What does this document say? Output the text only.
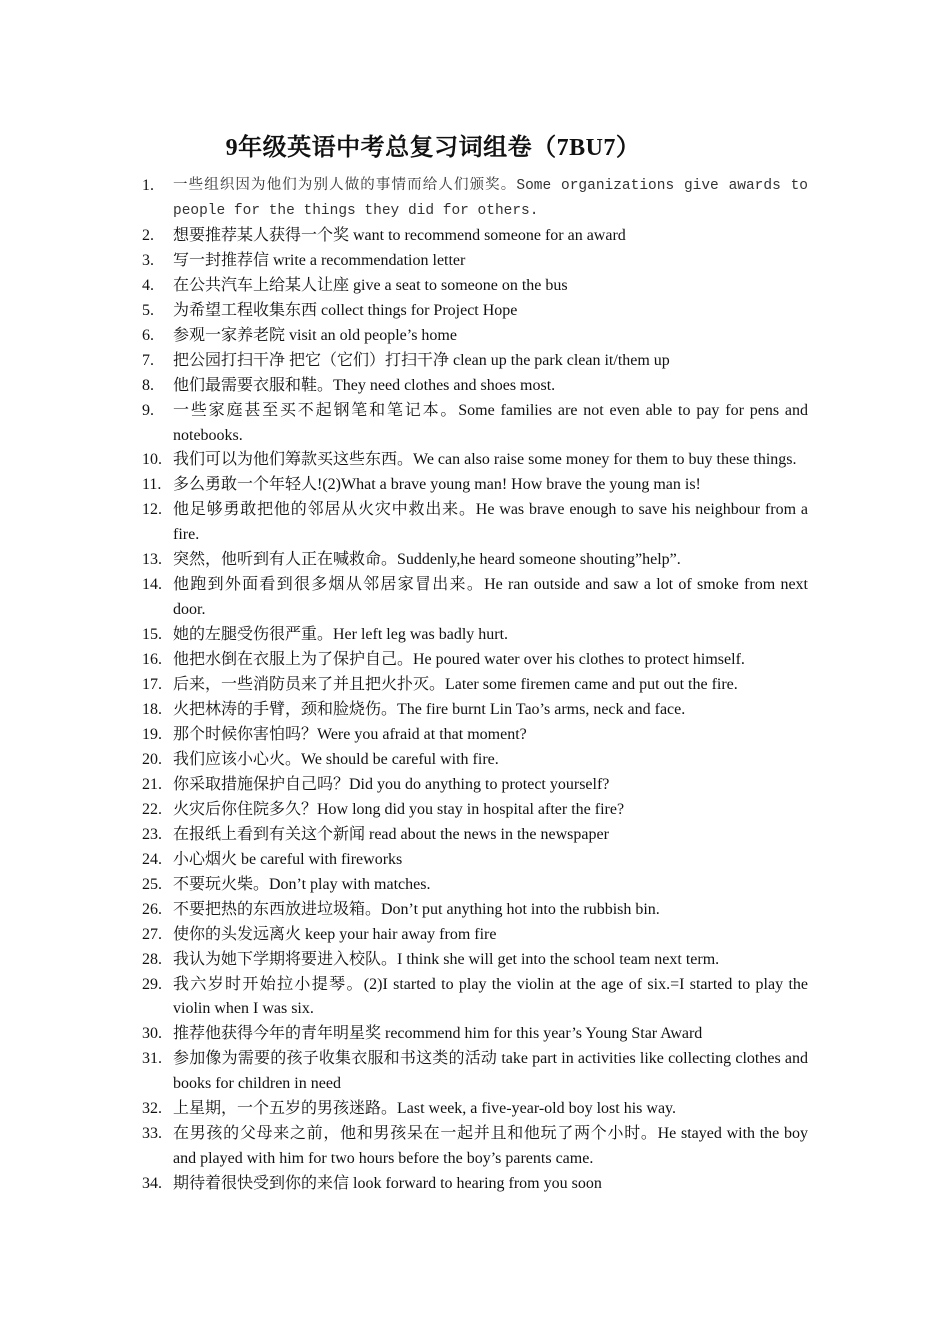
9年级英语中考总复习词组卷（7BU7）
1.	一些组织因为他们为别人做的事情而给人们颁奖。Some organizations give awards to people for the things they did for others.
2.	想要推荐某人获得一个奖 want to recommend someone for an award
3.	写一封推荐信 write a recommendation letter
4.	在公共汽车上给某人让座 give a seat to someone on the bus
5.	为希望工程收集东西 collect things for Project Hope
6.	参观一家养老院 visit an old people’s home
7.	把公园打扫干净 把它（它们）打扫干净 clean up the park clean it/them up
8.	他们最需要衣服和鞋。They need clothes and shoes most.
9.	一些家庭甚至买不起钢笔和笔记本。Some families are not even able to pay for pens and notebooks.
10. 我们可以为他们筹款买这些东西。We can also raise some money for them to buy these things.
11. 多么勇敢一个年轻人!(2)What a brave young man! How brave the young man is!
12. 他足够勇敢把他的邻居从火灾中救出来。He was brave enough to save his neighbour from a fire.
13. 突然，他听到有人正在喊救命。Suddenly,he heard someone shouting”help”.
14. 他跑到外面看到很多烟从邻居家冒出来。He ran outside and saw a lot of smoke from next door.
15. 她的左腿受伤很严重。Her left leg was badly hurt.
16. 他把水倒在衣服上为了保护自己。He poured water over his clothes to protect himself.
17. 后来，一些消防员来了并且把火扑灭。Later some firemen came and put out the fire.
18. 火把林涛的手臂，颈和脸烧伤。The fire burnt Lin Tao’s arms, neck and face.
19. 那个时候你害怕吗？Were you afraid at that moment?
20. 我们应该小心火。We should be careful with fire.
21. 你采取措施保护自己吗？Did you do anything to protect yourself?
22. 火灾后你住院多久？How long did you stay in hospital after the fire?
23. 在报纸上看到有关这个新闻 read about the news in the newspaper
24. 小心烟火 be careful with fireworks
25. 不要玩火柴。Don’t play with matches.
26. 不要把热的东西放进垃圾箱。Don’t put anything hot into the rubbish bin.
27. 使你的头发远离火 keep your hair away from fire
28. 我认为她下学期将要进入校队。I think she will get into the school team next term.
29. 我六岁时开始拉小提琴。(2)I started to play the violin at the age of six.=I started to play the violin when I was six.
30. 推荐他获得今年的青年明星奖 recommend him for this year’s Young Star Award
31. 参加像为需要的孩子收集衣服和书这类的活动 take part in activities like collecting clothes and books for children in need
32. 上星期，一个五岁的男孩迷路。Last week, a five-year-old boy lost his way.
33. 在男孩的父母来之前，他和男孩呆在一起并且和他玩了两个小时。He stayed with the boy and played with him for two hours before the boy’s parents came.
34. 期待着很快受到你的来信 look forward to hearing from you soon
